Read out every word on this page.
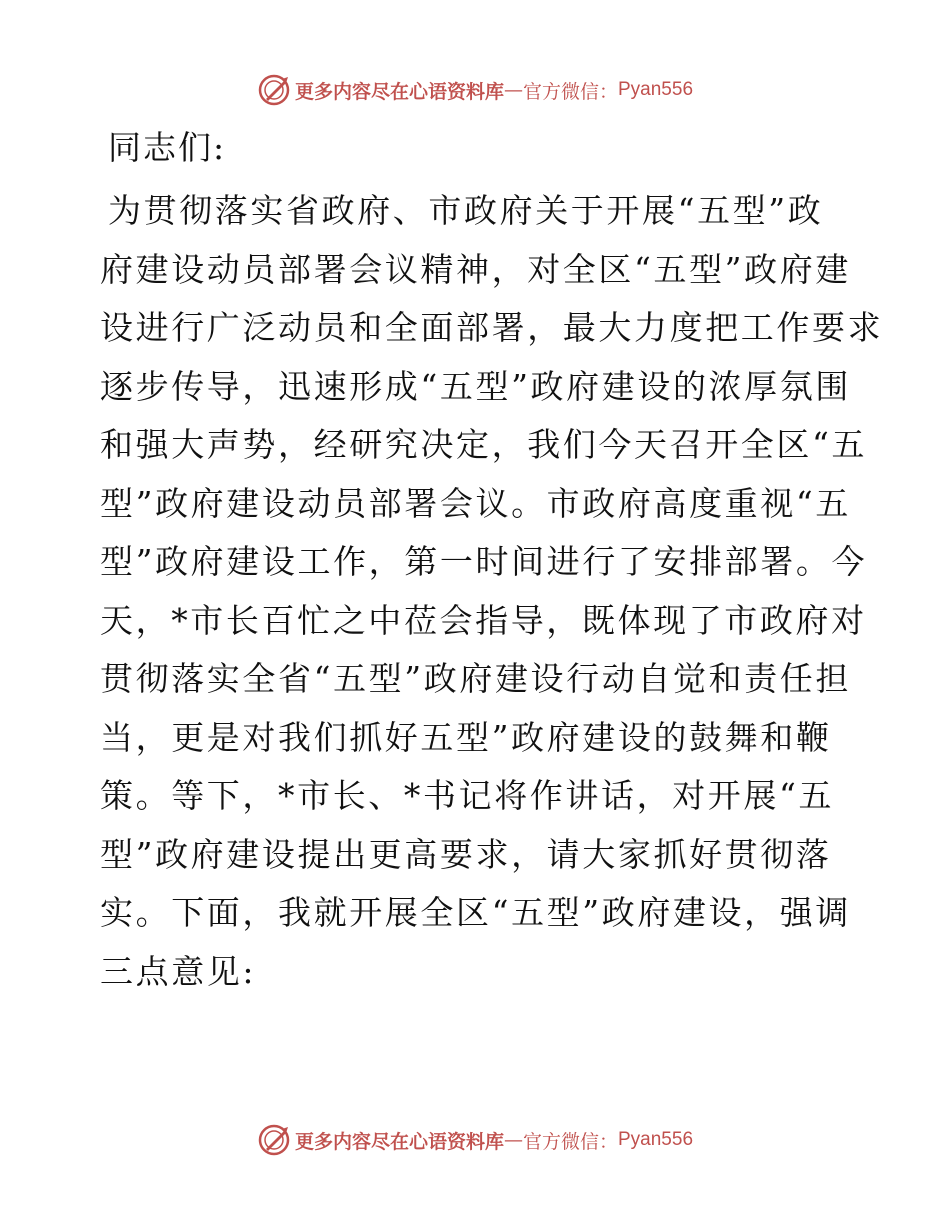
更多内容尽在心语资料库 — 官方微信： Pyan556
同志们:
为贯彻落实省政府、市政府关于开展“五型”政
府建设动员部署会议精神，对全区“五型”政府建
设进行广泛动员和全面部署，最大力度把工作要求
逐步传导，迅速形成“五型”政府建设的浓厚氛围
和强大声势，经研究决定，我们今天召开全区“五
型”政府建设动员部署会议。市政府高度重视“五
型”政府建设工作，第一时间进行了安排部署。今
天，*市长百忙之中莅会指导，既体现了市政府对
贯彻落实全省“五型”政府建设行动自觉和责任担
当，更是对我们抓好五型”政府建设的鼓舞和鞭
策。等下，*市长、*书记将作讲话，对开展“五
型”政府建设提出更高要求，请大家抓好贯彻落
实。下面，我就开展全区“五型”政府建设，强调
三点意见:
更多内容尽在心语资料库 — 官方微信： Pyan556
